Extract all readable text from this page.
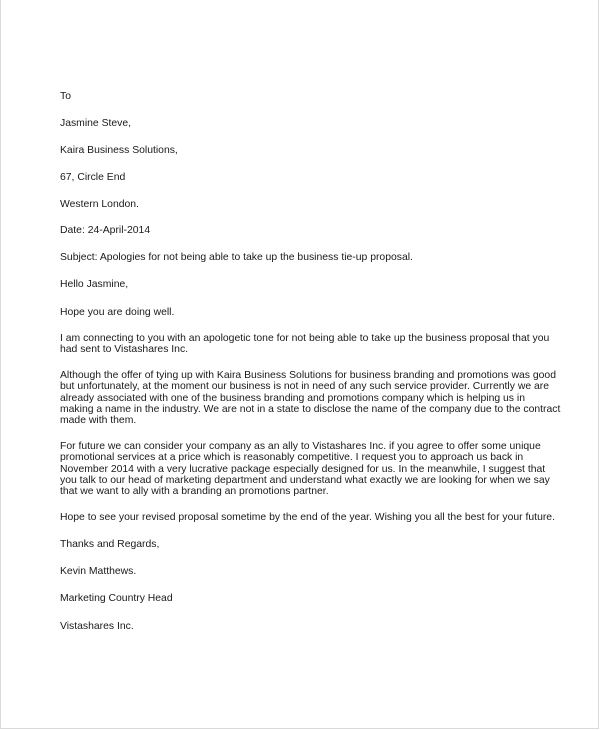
To
Jasmine Steve,
Kaira Business Solutions,
67, Circle End
Western London.
Date: 24-April-2014
Subject: Apologies for not being able to take up the business tie-up proposal.
Hello Jasmine,
Hope you are doing well.
I am connecting to you with an apologetic tone for not being able to take up the business proposal that you
had sent to Vistashares Inc.
Although the offer of tying up with Kaira Business Solutions for business branding and promotions was good
but unfortunately, at the moment our business is not in need of any such service provider. Currently we are
already associated with one of the business branding and promotions company which is helping us in
making a name in the industry. We are not in a state to disclose the name of the company due to the contract
made with them.
For future we can consider your company as an ally to Vistashares Inc. if you agree to offer some unique
promotional services at a price which is reasonably competitive. I request you to approach us back in
November 2014 with a very lucrative package especially designed for us. In the meanwhile, I suggest that
you talk to our head of marketing department and understand what exactly we are looking for when we say
that we want to ally with a branding an promotions partner.
Hope to see your revised proposal sometime by the end of the year. Wishing you all the best for your future.
Thanks and Regards,
Kevin Matthews.
Marketing Country Head
Vistashares Inc.
